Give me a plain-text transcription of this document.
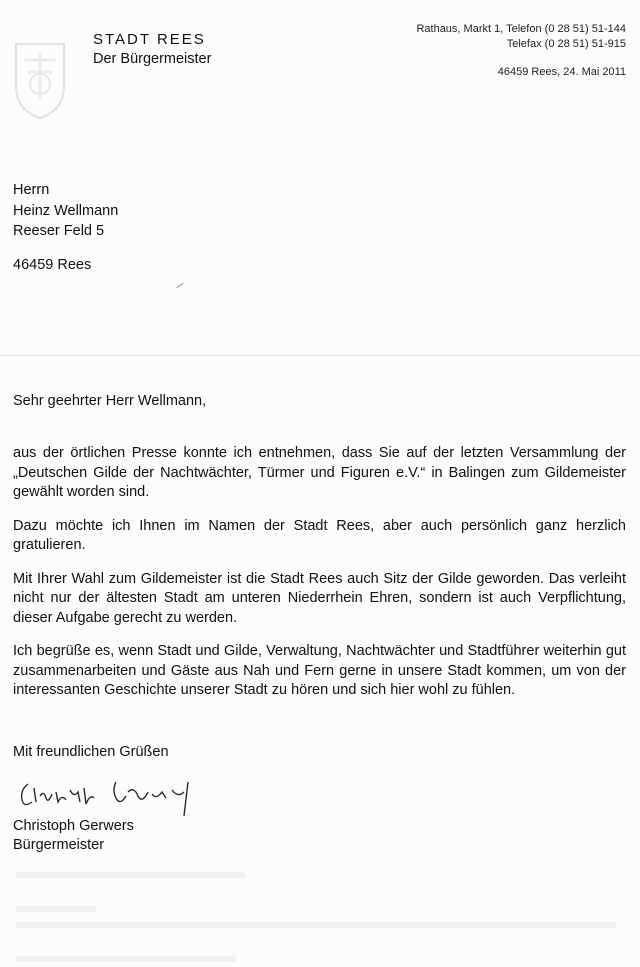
STADT REES
Der Bürgermeister
Rathaus, Markt 1, Telefon (0 28 51) 51-144
Telefax (0 28 51) 51-915
46459 Rees, 24. Mai 2011
Herrn
Heinz Wellmann
Reeser Feld 5
46459 Rees
Sehr geehrter Herr Wellmann,

aus der örtlichen Presse konnte ich entnehmen, dass Sie auf der letzten Versammlung der „Deutschen Gilde der Nachtwächter, Türmer und Figuren e.V.“ in Balingen zum Gildemeister gewählt worden sind.

Dazu möchte ich Ihnen im Namen der Stadt Rees, aber auch persönlich ganz herzlich gratulieren.

Mit Ihrer Wahl zum Gildemeister ist die Stadt Rees auch Sitz der Gilde geworden. Das verleiht nicht nur der ältesten Stadt am unteren Niederrhein Ehren, sondern ist auch Verpflichtung, dieser Aufgabe gerecht zu werden.

Ich begrüße es, wenn Stadt und Gilde, Verwaltung, Nachtwächter und Stadtführer weiterhin gut zusammenarbeiten und Gäste aus Nah und Fern gerne in unsere Stadt kommen, um von der interessanten Geschichte unserer Stadt zu hören und sich hier wohl zu fühlen.

Mit freundlichen Grüßen
Christoph Gerwers
Bürgermeister
